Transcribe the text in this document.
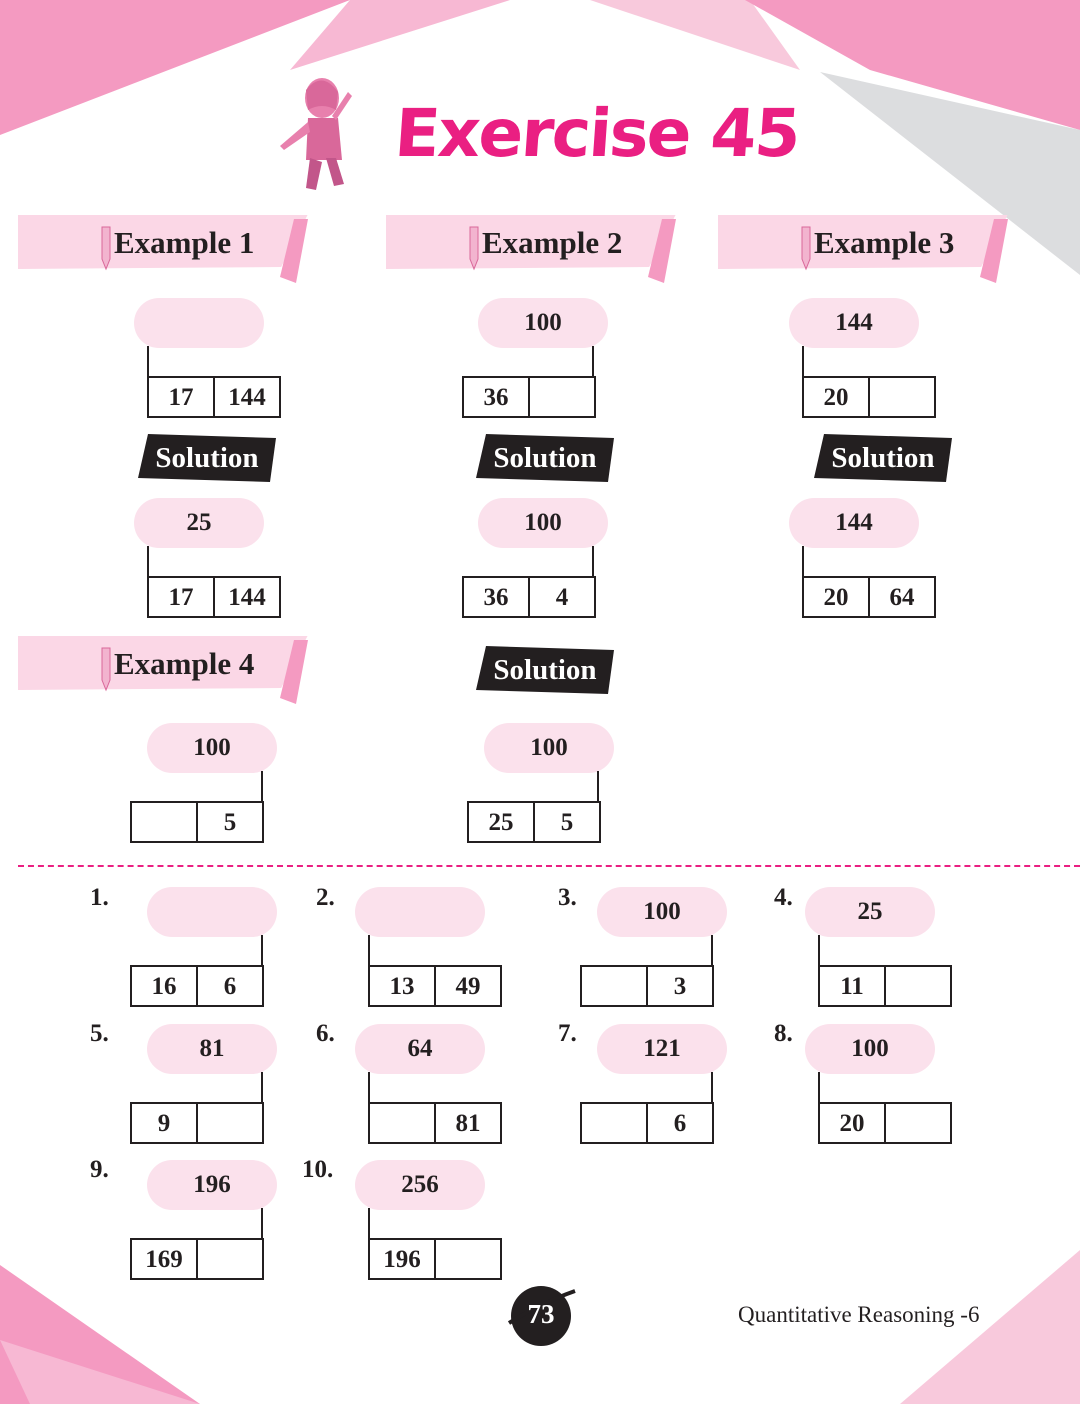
Exercise 45
Example 1	Example 2	Example 3
Example 4
17	144
Solution
25
17	144
100
36
Solution
100
36	4
144
20
Solution
144
20	64
100
5
Solution
100
25	5
1.
16	6
2.
13	49
3.
100
3
4.
25
11
5.
81
9
6.
64
81
7.
121
6
8.
100
20
9.
196
169
10.
256
196
73	Quantitative Reasoning -6
